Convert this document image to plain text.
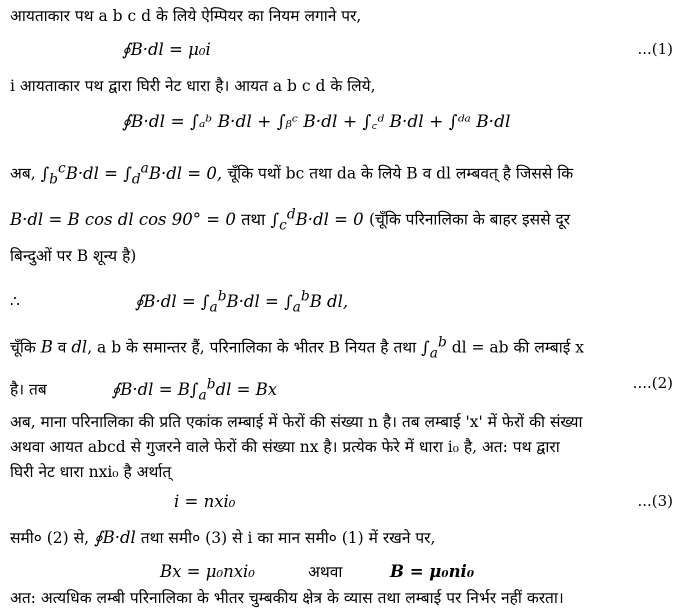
आयताकार पथ a b c d के लिये ऐम्पियर का नियम लगाने पर,
∮B·dl = μ₀i	...(1)
i आयताकार पथ द्वारा घिरी नेट धारा है। आयत a b c d के लिये,
∮B·dl = ∫ₐᵇ B·dl + ∫ᵦᶜ B·dl + ∫꜀ᵈ B·dl + ∫ᵈᵃ B·dl
अब, $\int_b^cB\cdot dl = \int_d^aB\cdot dl = 0$, चूँकि पथों bc तथा da के लिये B व dl लम्बवत् है जिससे कि
B·dl = B cos dl cos 90° = 0 तथा $\int_c^dB\cdot dl = 0$ (चूँकि परिनालिका के बाहर इससे दूर
बिन्दुओं पर B शून्य है)
∴	∮B·dl = $\int_a^bB\cdot dl = \int_a^bB$ dl,
चूँकि B व dl, a b के समान्तर हैं, परिनालिका के भीतर B नियत है तथा $\int_a^b$ dl = ab की लम्बाई x
है। तब	∮B·dl = $B\int_a^bdl = Bx$	....(2)
अब, माना परिनालिका की प्रति एकांक लम्बाई में फेरों की संख्या n है। तब लम्बाई 'x' में फेरों की संख्या
अथवा आयत abcd से गुजरने वाले फेरों की संख्या nx है। प्रत्येक फेरे में धारा i₀ है, अत: पथ द्वारा
घिरी नेट धारा nxi₀ है अर्थात्
i = nxi₀	...(3)
समी० (2) से, ∮B·dl तथा समी० (3) से i का मान समी० (1) में रखने पर,
Bx = μ₀nxi₀	अथवा	B = μ₀ni₀
अत: अत्यधिक लम्बी परिनालिका के भीतर चुम्बकीय क्षेत्र के व्यास तथा लम्बाई पर निर्भर नहीं करता।
